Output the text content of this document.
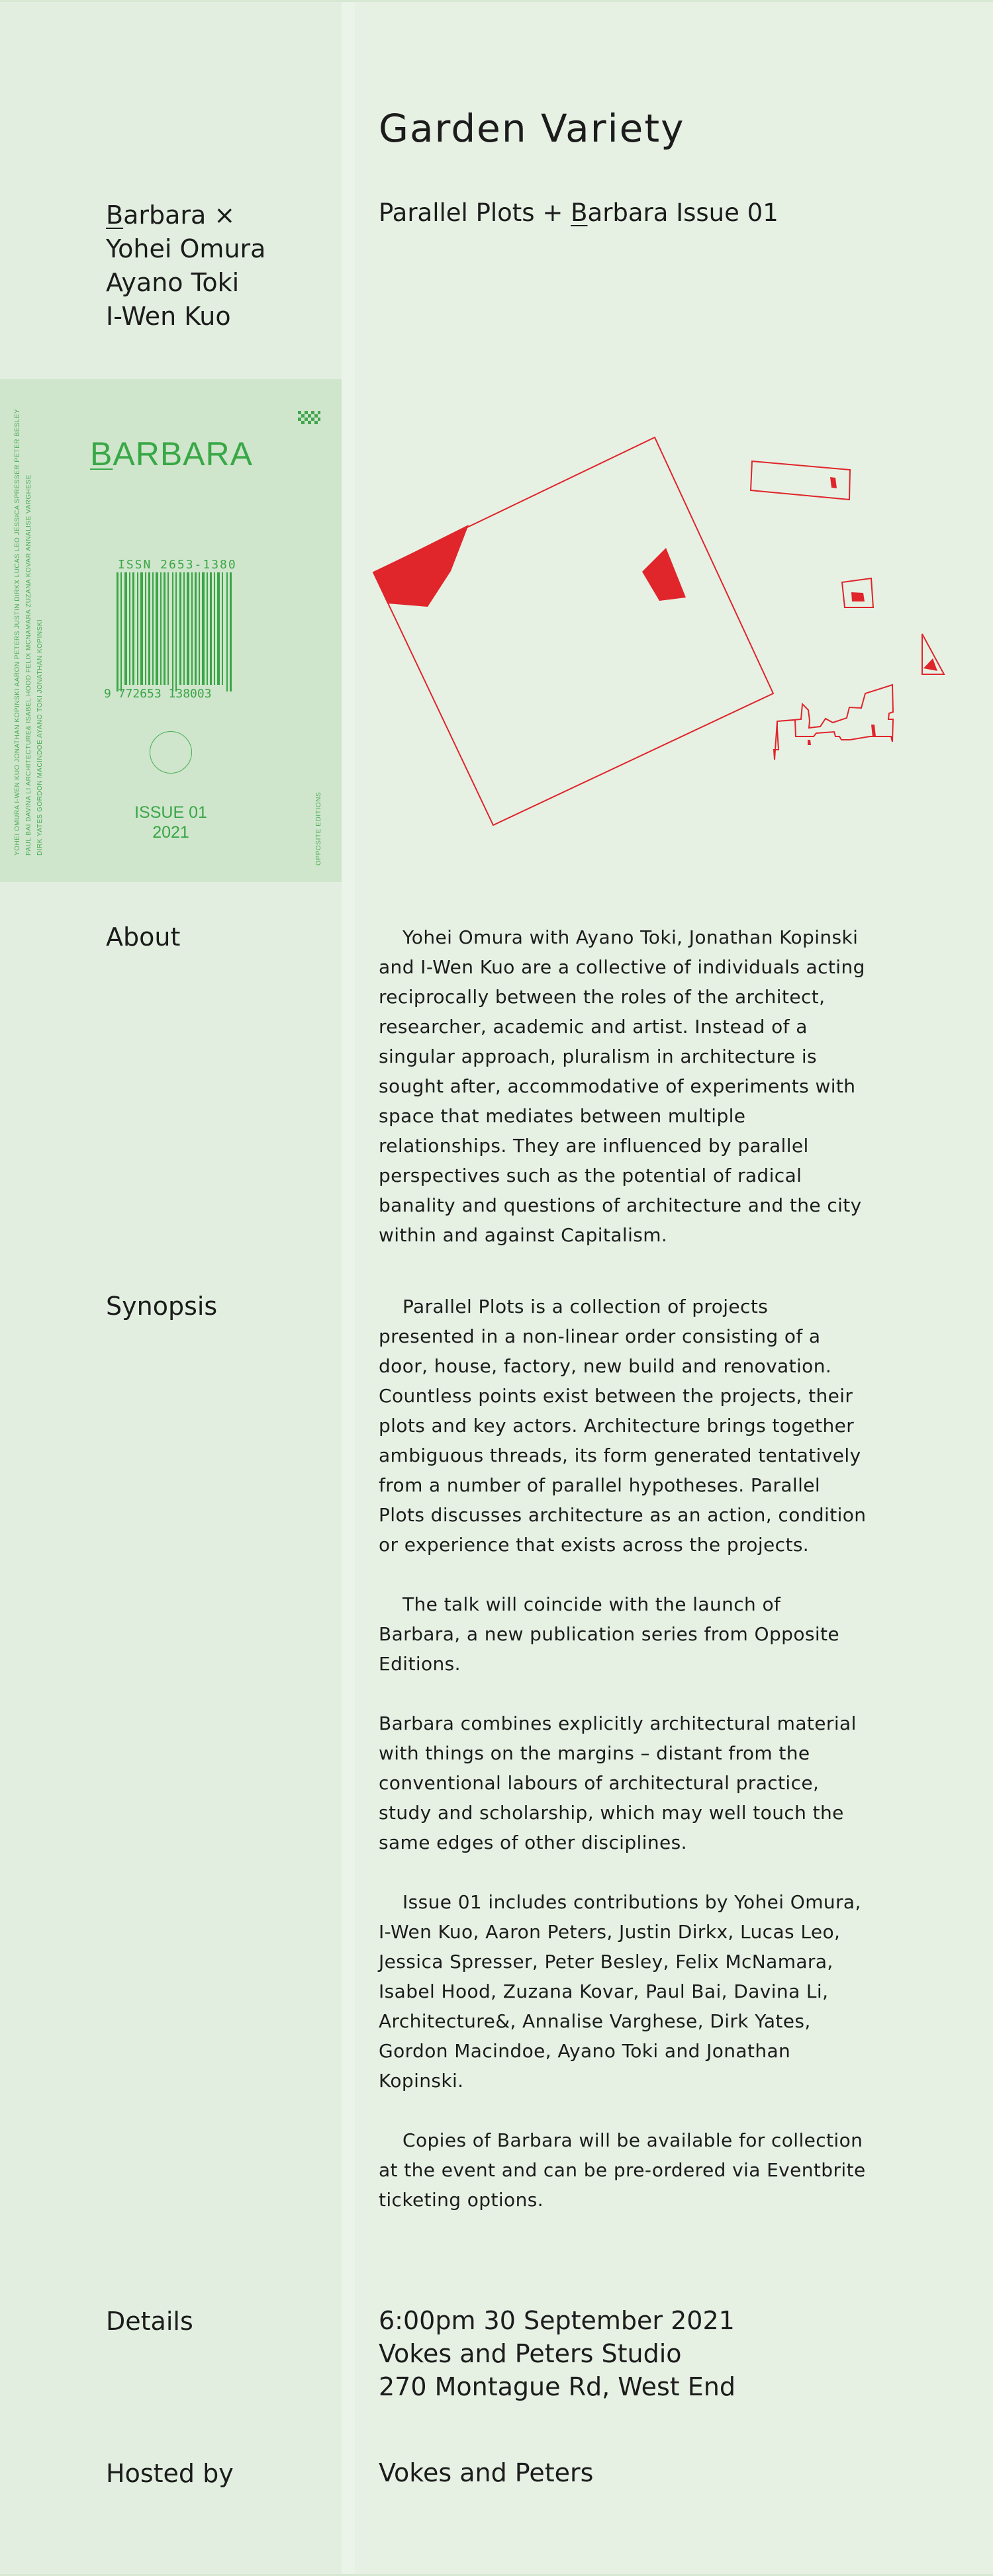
Garden Variety
Parallel Plots + Barbara Issue 01
Barbara ×
Yohei Omura
Ayano Toki
I-Wen Kuo
BARBARA
YOHEI OMURA I-WEN KUO JONATHAN KOPINSKI AARON PETERS JUSTIN DIRKX LUCAS LEO JESSICA SPRESSER PETER BESLEY PAUL BAI DAVINA LI ARCHITECTURE& ISABEL HOOD FELIX MCNAMARA ZUZANA KOVAR ANNALISE VARGHESE DIRK YATES GORDON MACINDOE AYANO TOKI JONATHAN KOPINSKI
ISSN 2653-1380
9 772653 138003
ISSUE 01
2021	OPPOSITE EDITIONS
About	Yohei Omura with Ayano Toki, Jonathan Kopinski and I-Wen Kuo are a collective of individuals acting reciprocally between the roles of the architect, researcher, academic and artist. Instead of a singular approach, pluralism in architecture is sought after, accommodative of experiments with space that mediates between multiple relationships. They are influenced by parallel perspectives such as the potential of radical banality and questions of architecture and the city within and against Capitalism.

Synopsis	Parallel Plots is a collection of projects presented in a non-linear order consisting of a door, house, factory, new build and renovation. Countless points exist between the projects, their plots and key actors. Architecture brings together ambiguous threads, its form generated tentatively from a number of parallel hypotheses. Parallel Plots discusses architecture as an action, condition or experience that exists across the projects.

The talk will coincide with the launch of Barbara, a new publication series from Opposite Editions.

Barbara combines explicitly architectural material with things on the margins – distant from the conventional labours of architectural practice, study and scholarship, which may well touch the same edges of other disciplines.

Issue 01 includes contributions by Yohei Omura, I-Wen Kuo, Aaron Peters, Justin Dirkx, Lucas Leo, Jessica Spresser, Peter Besley, Felix McNamara, Isabel Hood, Zuzana Kovar, Paul Bai, Davina Li, Architecture&, Annalise Varghese, Dirk Yates, Gordon Macindoe, Ayano Toki and Jonathan Kopinski.

Copies of Barbara will be available for collection at the event and can be pre-ordered via Eventbrite ticketing options.

Details	6:00pm 30 September 2021
Vokes and Peters Studio
270 Montague Rd, West End
Hosted by	Vokes and Peters
